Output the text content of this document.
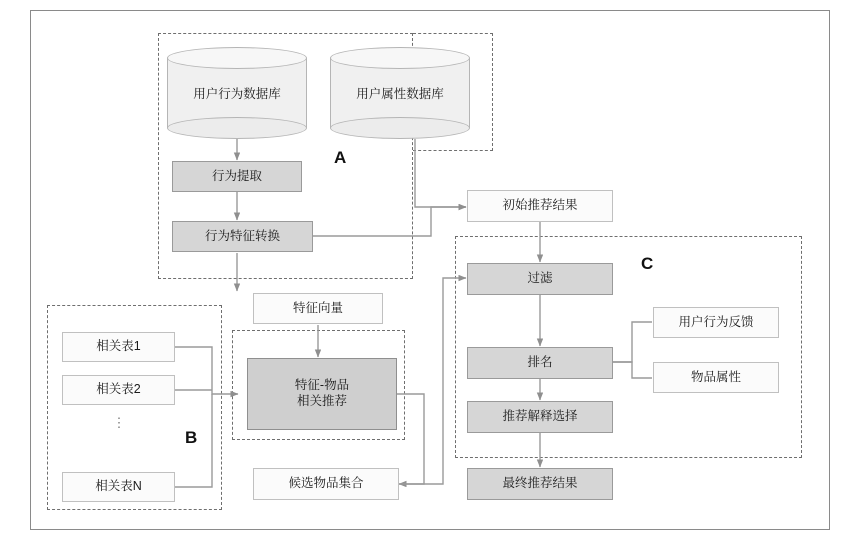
A
B
C
用户行为数据库	用户属性数据库
行为提取
行为特征转换
特征向量
相关表1
相关表2
⋮
相关表N
特征-物品
相关推荐
候选物品集合
初始推荐结果
过滤
排名
推荐解释选择
最终推荐结果
用户行为反馈
物品属性
